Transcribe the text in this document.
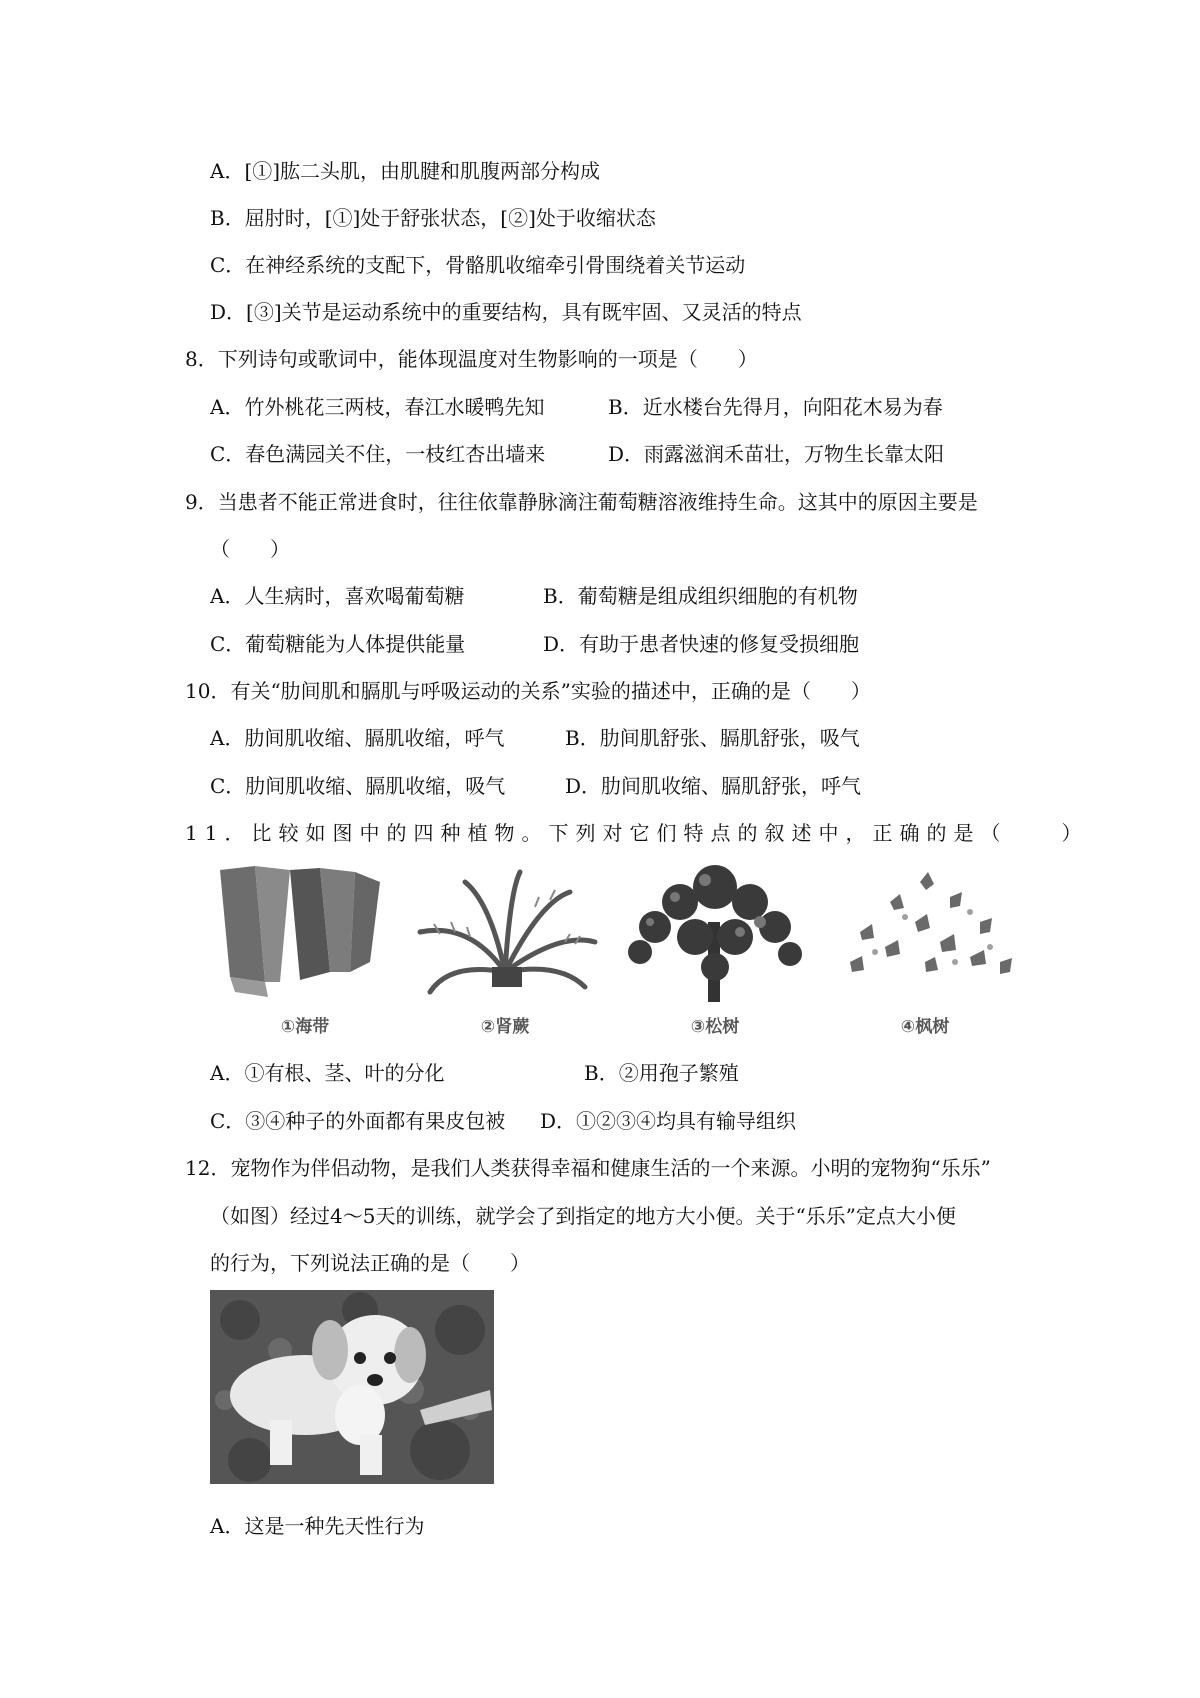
A．[①]肱二头肌，由肌腱和肌腹两部分构成
B．屈肘时，[①]处于舒张状态，[②]处于收缩状态
C．在神经系统的支配下，骨骼肌收缩牵引骨围绕着关节运动
D．[③]关节是运动系统中的重要结构，具有既牢固、又灵活的特点
8．下列诗句或歌词中，能体现温度对生物影响的一项是（　　）
A．竹外桃花三两枝，春江水暖鸭先知	B．近水楼台先得月，向阳花木易为春
C．春色满园关不住，一枝红杏出墙来	D．雨露滋润禾苗壮，万物生长靠太阳
9．当患者不能正常进食时，往往依靠静脉滴注葡萄糖溶液维持生命。这其中的原因主要是
（　　）
A．人生病时，喜欢喝葡萄糖	B．葡萄糖是组成组织细胞的有机物
C．葡萄糖能为人体提供能量	D．有助于患者快速的修复受损细胞
10．有关“肋间肌和膈肌与呼吸运动的关系”实验的描述中，正确的是（　　）
A．肋间肌收缩、膈肌收缩，呼气	B．肋间肌舒张、膈肌舒张，吸气
C．肋间肌收缩、膈肌收缩，吸气	D．肋间肌收缩、膈肌舒张，呼气
11．比较如图中的四种植物。下列对它们特点的叙述中，正确的是（　　）
①海带	②肾蕨	③松树	④枫树
A．①有根、茎、叶的分化	B．②用孢子繁殖
C．③④种子的外面都有果皮包被 D．①②③④均具有输导组织
12．宠物作为伴侣动物，是我们人类获得幸福和健康生活的一个来源。小明的宠物狗“乐乐”
（如图）经过4～5天的训练，就学会了到指定的地方大小便。关于“乐乐”定点大小便
的行为，下列说法正确的是（　　）
A．这是一种先天性行为
